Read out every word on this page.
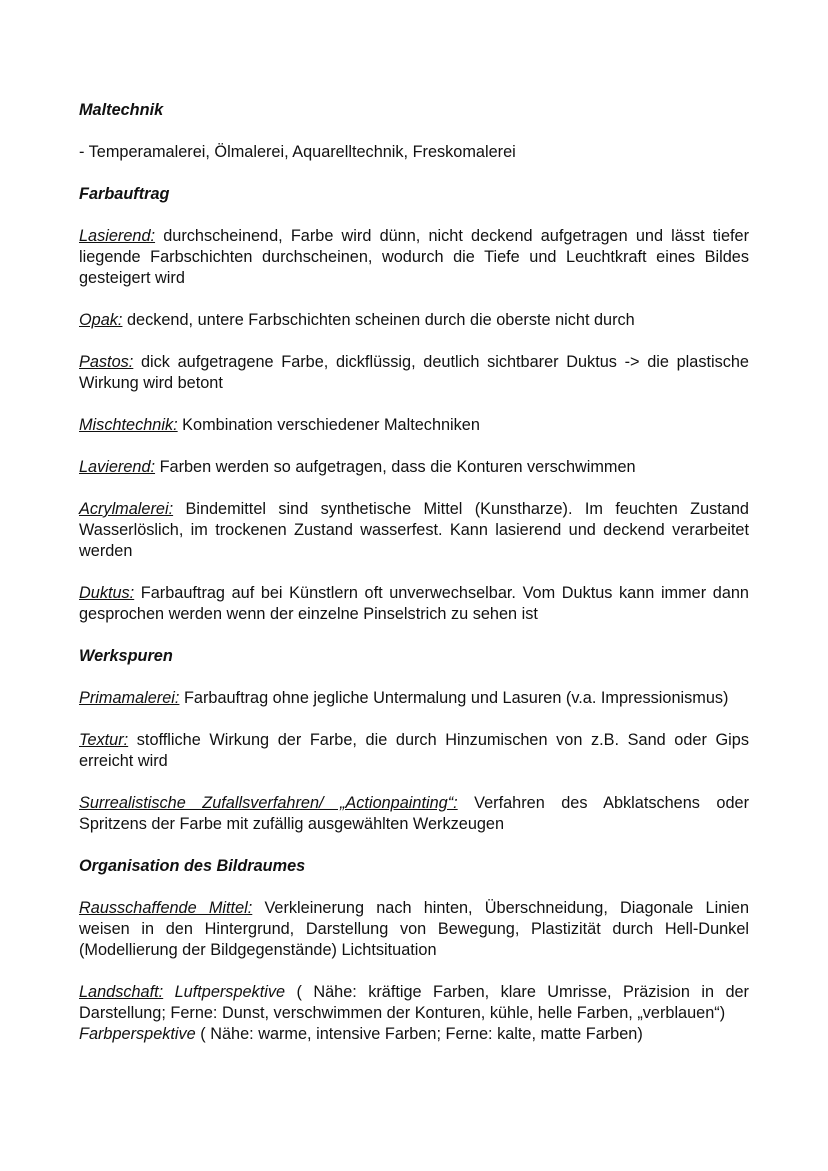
Maltechnik

- Temperamalerei, Ölmalerei, Aquarelltechnik, Freskomalerei

Farbauftrag

Lasierend: durchscheinend, Farbe wird dünn, nicht deckend aufgetragen und lässt tiefer liegende Farbschichten durchscheinen, wodurch die Tiefe und Leuchtkraft eines Bildes gesteigert wird

Opak: deckend, untere Farbschichten scheinen durch die oberste nicht durch

Pastos: dick aufgetragene Farbe, dickflüssig, deutlich sichtbarer Duktus -> die plastische Wirkung wird betont

Mischtechnik: Kombination verschiedener Maltechniken

Lavierend: Farben werden so aufgetragen, dass die Konturen verschwimmen

Acrylmalerei: Bindemittel sind synthetische Mittel (Kunstharze). Im feuchten Zustand Wasserlöslich, im trockenen Zustand wasserfest. Kann lasierend und deckend verarbeitet werden

Duktus: Farbauftrag auf bei Künstlern oft unverwechselbar. Vom Duktus kann immer dann gesprochen werden wenn der einzelne Pinselstrich zu sehen ist

Werkspuren

Primamalerei: Farbauftrag ohne jegliche Untermalung und Lasuren (v.a. Impressionismus)

Textur: stoffliche Wirkung der Farbe, die durch Hinzumischen von z.B. Sand oder Gips erreicht wird

Surrealistische Zufallsverfahren/ „Actionpainting“: Verfahren des Abklatschens oder Spritzens der Farbe mit zufällig ausgewählten Werkzeugen

Organisation des Bildraumes

Rausschaffende Mittel: Verkleinerung nach hinten, Überschneidung, Diagonale Linien weisen in den Hintergrund, Darstellung von Bewegung, Plastizität durch Hell-Dunkel (Modellierung der Bildgegenstände) Lichtsituation

Landschaft: Luftperspektive ( Nähe: kräftige Farben, klare Umrisse, Präzision in der Darstellung; Ferne: Dunst, verschwimmen der Konturen, kühle, helle Farben, „verblauen“)

Farbperspektive ( Nähe: warme, intensive Farben; Ferne: kalte, matte Farben)
